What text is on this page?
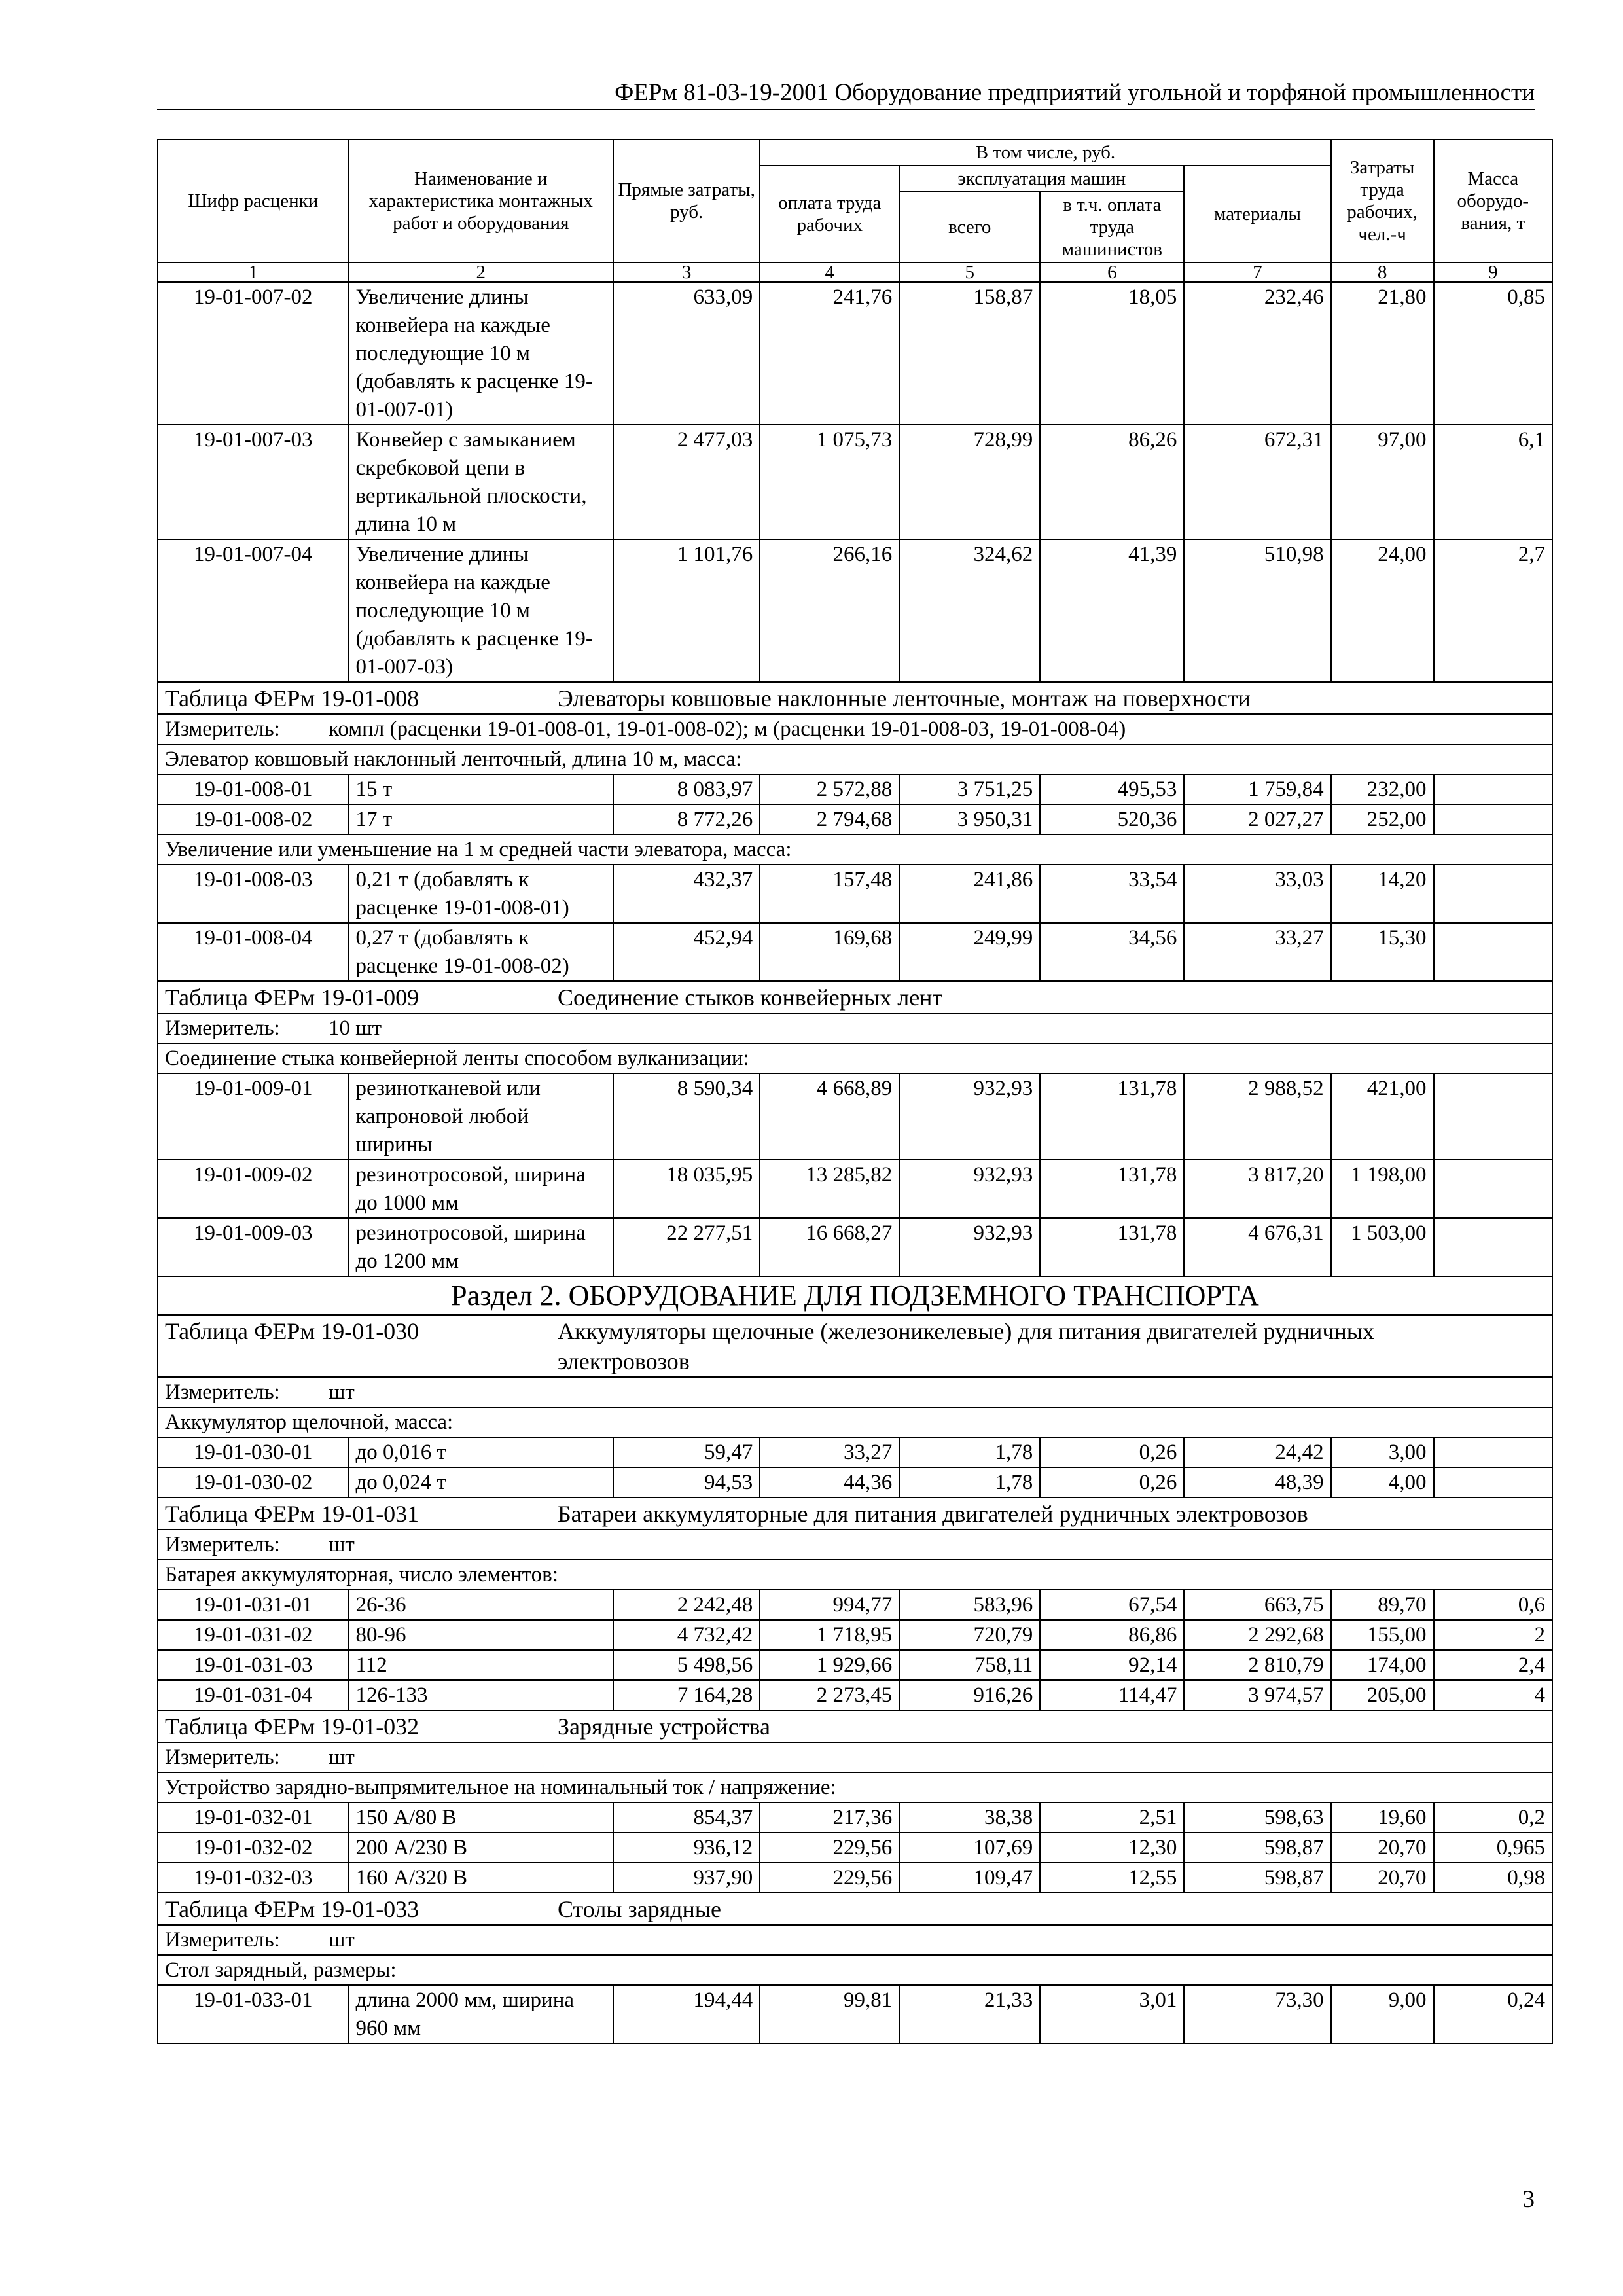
ФЕРм 81-03-19-2001 Оборудование предприятий угольной и торфяной промышленности
Шифр расценки	Наименование и характеристика монтажных работ и оборудования	Прямые затраты, руб.	В том числе, руб.				Затраты труда рабочих, чел.-ч	Масса оборудо-вания, т
			оплата труда рабочих	эксплуатация машин		материалы		
				всего	в т.ч. оплата труда машинистов			
1	2	3	4	5	6	7	8	9
19-01-007-02	Увеличение длины конвейера на каждые последующие 10 м (добавлять к расценке 19-01-007-01)	633,09	241,76	158,87	18,05	232,46	21,80	0,85
19-01-007-03	Конвейер с замыканием скребковой цепи в вертикальной плоскости, длина 10 м	2 477,03	1 075,73	728,99	86,26	672,31	97,00	6,1
19-01-007-04	Увеличение длины конвейера на каждые последующие 10 м (добавлять к расценке 19-01-007-03)	1 101,76	266,16	324,62	41,39	510,98	24,00	2,7
Таблица ФЕРм 19-01-008 Элеваторы ковшовые наклонные ленточные, монтаж на поверхности								
Измеритель: компл (расценки 19-01-008-01, 19-01-008-02); м (расценки 19-01-008-03, 19-01-008-04)								
Элеватор ковшовый наклонный ленточный, длина 10 м, масса:								
19-01-008-01	15 т	8 083,97	2 572,88	3 751,25	495,53	1 759,84	232,00	
19-01-008-02	17 т	8 772,26	2 794,68	3 950,31	520,36	2 027,27	252,00	
Увеличение или уменьшение на 1 м средней части элеватора, масса:								
19-01-008-03	0,21 т (добавлять к расценке 19-01-008-01)	432,37	157,48	241,86	33,54	33,03	14,20	
19-01-008-04	0,27 т (добавлять к расценке 19-01-008-02)	452,94	169,68	249,99	34,56	33,27	15,30	
Таблица ФЕРм 19-01-009 Соединение стыков конвейерных лент								
Измеритель: 10 шт								
Соединение стыка конвейерной ленты способом вулканизации:								
19-01-009-01	резинотканевой или капроновой любой ширины	8 590,34	4 668,89	932,93	131,78	2 988,52	421,00	
19-01-009-02	резинотросовой, ширина до 1000 мм	18 035,95	13 285,82	932,93	131,78	3 817,20	1 198,00	
19-01-009-03	резинотросовой, ширина до 1200 мм	22 277,51	16 668,27	932,93	131,78	4 676,31	1 503,00	
Раздел 2. ОБОРУДОВАНИЕ ДЛЯ ПОДЗЕМНОГО ТРАНСПОРТА								
Таблица ФЕРм 19-01-030 Аккумуляторы щелочные (железоникелевые) для питания двигателей рудничных электровозов								
Измеритель: шт								
Аккумулятор щелочной, масса:								
19-01-030-01	до 0,016 т	59,47	33,27	1,78	0,26	24,42	3,00	
19-01-030-02	до 0,024 т	94,53	44,36	1,78	0,26	48,39	4,00	
Таблица ФЕРм 19-01-031 Батареи аккумуляторные для питания двигателей рудничных электровозов								
Измеритель: шт								
Батарея аккумуляторная, число элементов:								
19-01-031-01	26-36	2 242,48	994,77	583,96	67,54	663,75	89,70	0,6
19-01-031-02	80-96	4 732,42	1 718,95	720,79	86,86	2 292,68	155,00	2
19-01-031-03	112	5 498,56	1 929,66	758,11	92,14	2 810,79	174,00	2,4
19-01-031-04	126-133	7 164,28	2 273,45	916,26	114,47	3 974,57	205,00	4
Таблица ФЕРм 19-01-032 Зарядные устройства								
Измеритель: шт								
Устройство зарядно-выпрямительное на номинальный ток / напряжение:								
19-01-032-01	150 А/80 В	854,37	217,36	38,38	2,51	598,63	19,60	0,2
19-01-032-02	200 А/230 В	936,12	229,56	107,69	12,30	598,87	20,70	0,965
19-01-032-03	160 А/320 В	937,90	229,56	109,47	12,55	598,87	20,70	0,98
Таблица ФЕРм 19-01-033 Столы зарядные								
Измеритель: шт								
Стол зарядный, размеры:								
19-01-033-01	длина 2000 мм, ширина 960 мм	194,44	99,81	21,33	3,01	73,30	9,00	0,24
3
